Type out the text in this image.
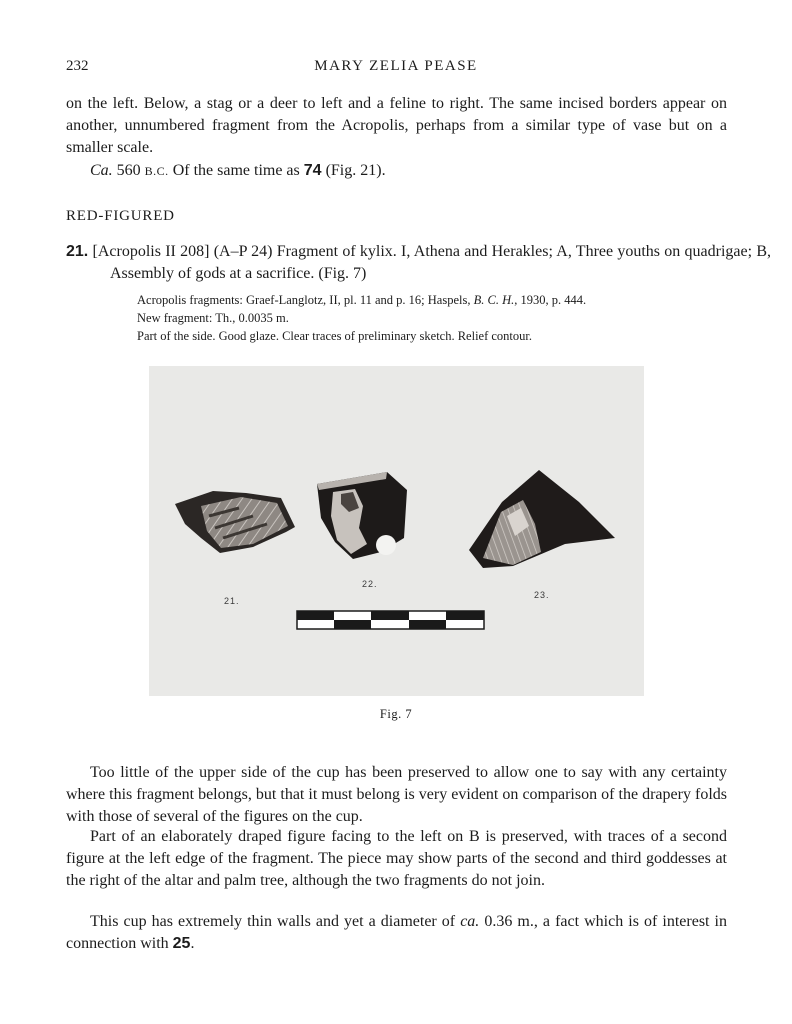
232	MARY ZELIA PEASE

on the left. Below, a stag or a deer to left and a feline to right. The same incised borders appear on another, unnumbered fragment from the Acropolis, perhaps from a similar type of vase but on a smaller scale.

Ca. 560 B.C. Of the same time as 74 (Fig. 21).

RED-FIGURED

21. [Acropolis II 208] (A–P 24) Fragment of kylix. I, Athena and Herakles; A, Three youths on quadrigae; B, Assembly of gods at a sacrifice. (Fig. 7)

Acropolis fragments: Graef-Langlotz, II, pl. 11 and p. 16; Haspels, B. C. H., 1930, p. 444.
New fragment: Th., 0.0035 m.
Part of the side. Good glaze. Clear traces of preliminary sketch. Relief contour.
21.
22.
23.
Fig. 7

Too little of the upper side of the cup has been preserved to allow one to say with any certainty where this fragment belongs, but that it must belong is very evident on comparison of the drapery folds with those of several of the figures on the cup.

Part of an elaborately draped figure facing to the left on B is preserved, with traces of a second figure at the left edge of the fragment. The piece may show parts of the second and third goddesses at the right of the altar and palm tree, although the two fragments do not join.

This cup has extremely thin walls and yet a diameter of ca. 0.36 m., a fact which is of interest in connection with 25.
